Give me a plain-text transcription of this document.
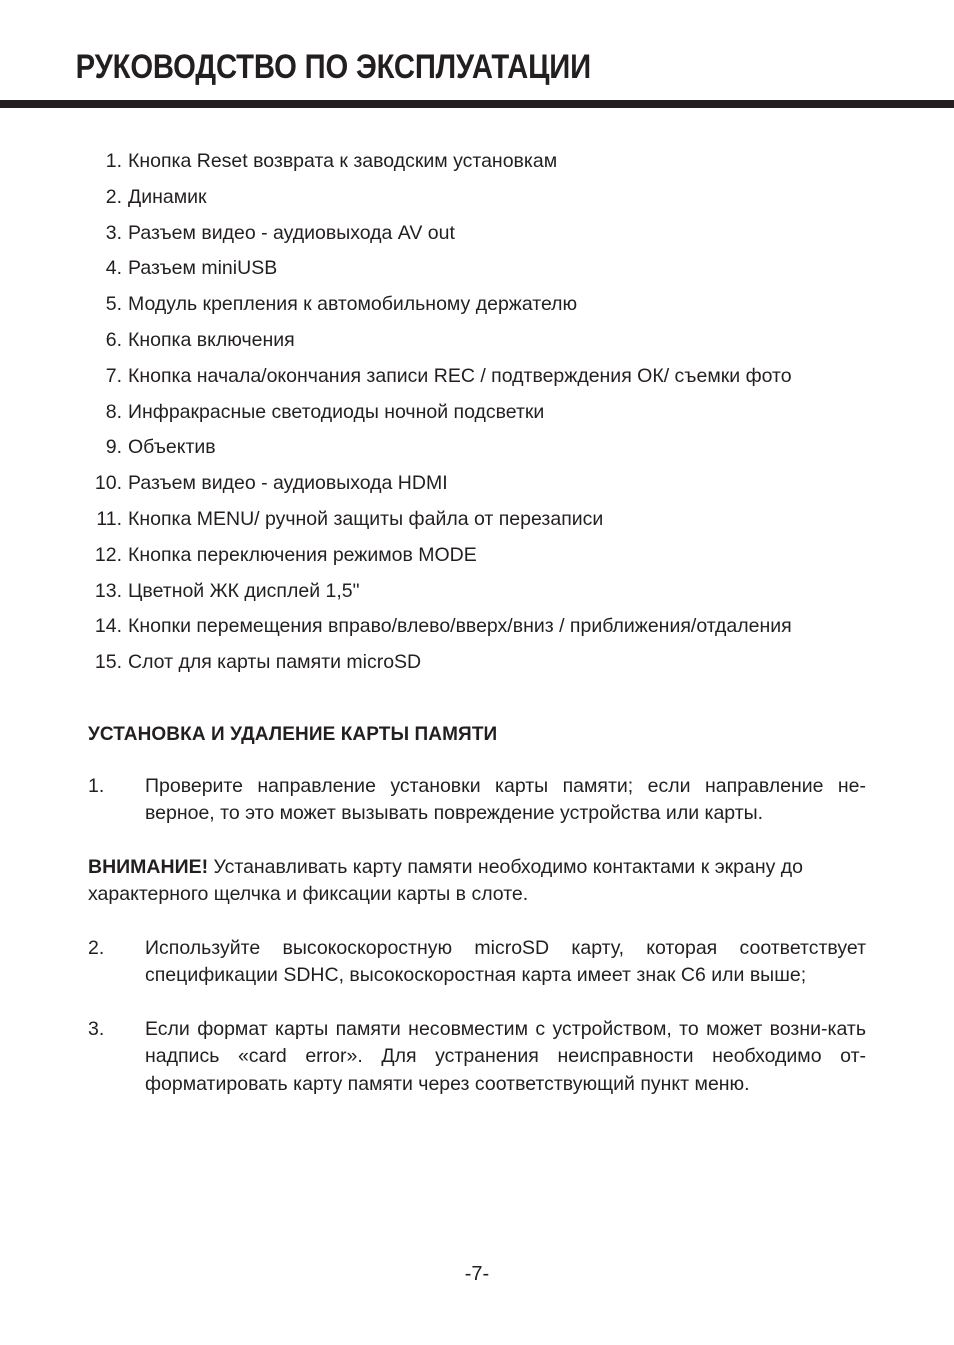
РУКОВОДСТВО ПО ЭКСПЛУАТАЦИИ
1. Кнопка Reset возврата к заводским установкам
2. Динамик
3. Разъем видео - аудиовыхода AV out
4. Разъем miniUSB
5. Модуль крепления к автомобильному держателю
6. Кнопка включения
7. Кнопка начала/окончания записи REC / подтверждения ОК/ съемки фото
8. Инфракрасные светодиоды ночной подсветки
9. Объектив
10. Разъем видео - аудиовыхода HDMI
11. Кнопка MENU/ ручной защиты файла от перезаписи
12. Кнопка переключения режимов MODE
13. Цветной ЖК дисплей 1,5"
14. Кнопки перемещения вправо/влево/вверх/вниз / приближения/отдаления
15. Слот для карты памяти microSD
УСТАНОВКА И УДАЛЕНИЕ КАРТЫ ПАМЯТИ
1.	Проверите направление установки карты памяти; если направление не-верное, то это может вызывать повреждение устройства или карты.

ВНИМАНИЕ! Устанавливать карту памяти необходимо контактами к экрану до характерного щелчка и фиксации карты в слоте.

2.	Используйте высокоскоростную microSD карту, которая соответствует спецификации SDHC, высокоскоростная карта имеет знак С6 или выше;
3.	Если формат карты памяти несовместим с устройством, то может возни-кать надпись «card error». Для устранения неисправности необходимо от-форматировать карту памяти через соответствующий пункт меню.
-7-
